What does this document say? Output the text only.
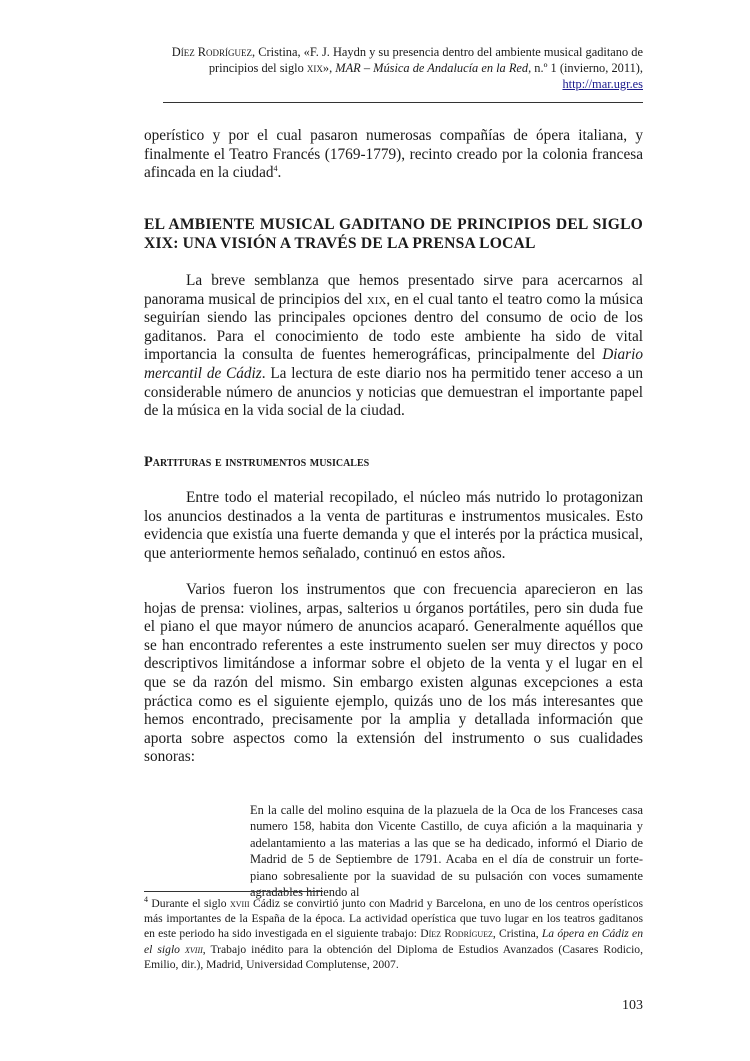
Díez Rodríguez, Cristina, «F. J. Haydn y su presencia dentro del ambiente musical gaditano de
principios del siglo xix», MAR – Música de Andalucía en la Red, n.º 1 (invierno, 2011),
http://mar.ugr.es

operístico y por el cual pasaron numerosas compañías de ópera italiana, y finalmente el Teatro Francés (1769-1779), recinto creado por la colonia francesa afincada en la ciudad$^4$.

EL AMBIENTE MUSICAL GADITANO DE PRINCIPIOS DEL SIGLO XIX: UNA VISIÓN A TRAVÉS DE LA PRENSA LOCAL

La breve semblanza que hemos presentado sirve para acercarnos al panorama musical de principios del xix, en el cual tanto el teatro como la música seguirían siendo las principales opciones dentro del consumo de ocio de los gaditanos. Para el conocimiento de todo este ambiente ha sido de vital importancia la consulta de fuentes hemerográficas, principalmente del Diario mercantil de Cádiz. La lectura de este diario nos ha permitido tener acceso a un considerable número de anuncios y noticias que demuestran el importante papel de la música en la vida social de la ciudad.

Partituras e instrumentos musicales

Entre todo el material recopilado, el núcleo más nutrido lo protagonizan los anuncios destinados a la venta de partituras e instrumentos musicales. Esto evidencia que existía una fuerte demanda y que el interés por la práctica musical, que anteriormente hemos señalado, continuó en estos años.

Varios fueron los instrumentos que con frecuencia aparecieron en las hojas de prensa: violines, arpas, salterios u órganos portátiles, pero sin duda fue el piano el que mayor número de anuncios acaparó. Generalmente aquéllos que se han encontrado referentes a este instrumento suelen ser muy directos y poco descriptivos limitándose a informar sobre el objeto de la venta y el lugar en el que se da razón del mismo. Sin embargo existen algunas excepciones a esta práctica como es el siguiente ejemplo, quizás uno de los más interesantes que hemos encontrado, precisamente por la amplia y detallada información que aporta sobre aspectos como la extensión del instrumento o sus cualidades sonoras:

En la calle del molino esquina de la plazuela de la Oca de los Franceses casa numero 158, habita don Vicente Castillo, de cuya afición a la maquinaria y adelantamiento a las materias a las que se ha dedicado, informó el Diario de Madrid de 5 de Septiembre de 1791. Acaba en el día de construir un forte-piano sobresaliente por la suavidad de su pulsación con voces sumamente agradables hiriendo al

$^4$ Durante el siglo xviii Cádiz se convirtió junto con Madrid y Barcelona, en uno de los centros operísticos más importantes de la España de la época. La actividad operística que tuvo lugar en los teatros gaditanos en este periodo ha sido investigada en el siguiente trabajo: Díez Rodríguez, Cristina, La ópera en Cádiz en el siglo xviii, Trabajo inédito para la obtención del Diploma de Estudios Avanzados (Casares Rodicio, Emilio, dir.), Madrid, Universidad Complutense, 2007.

103
